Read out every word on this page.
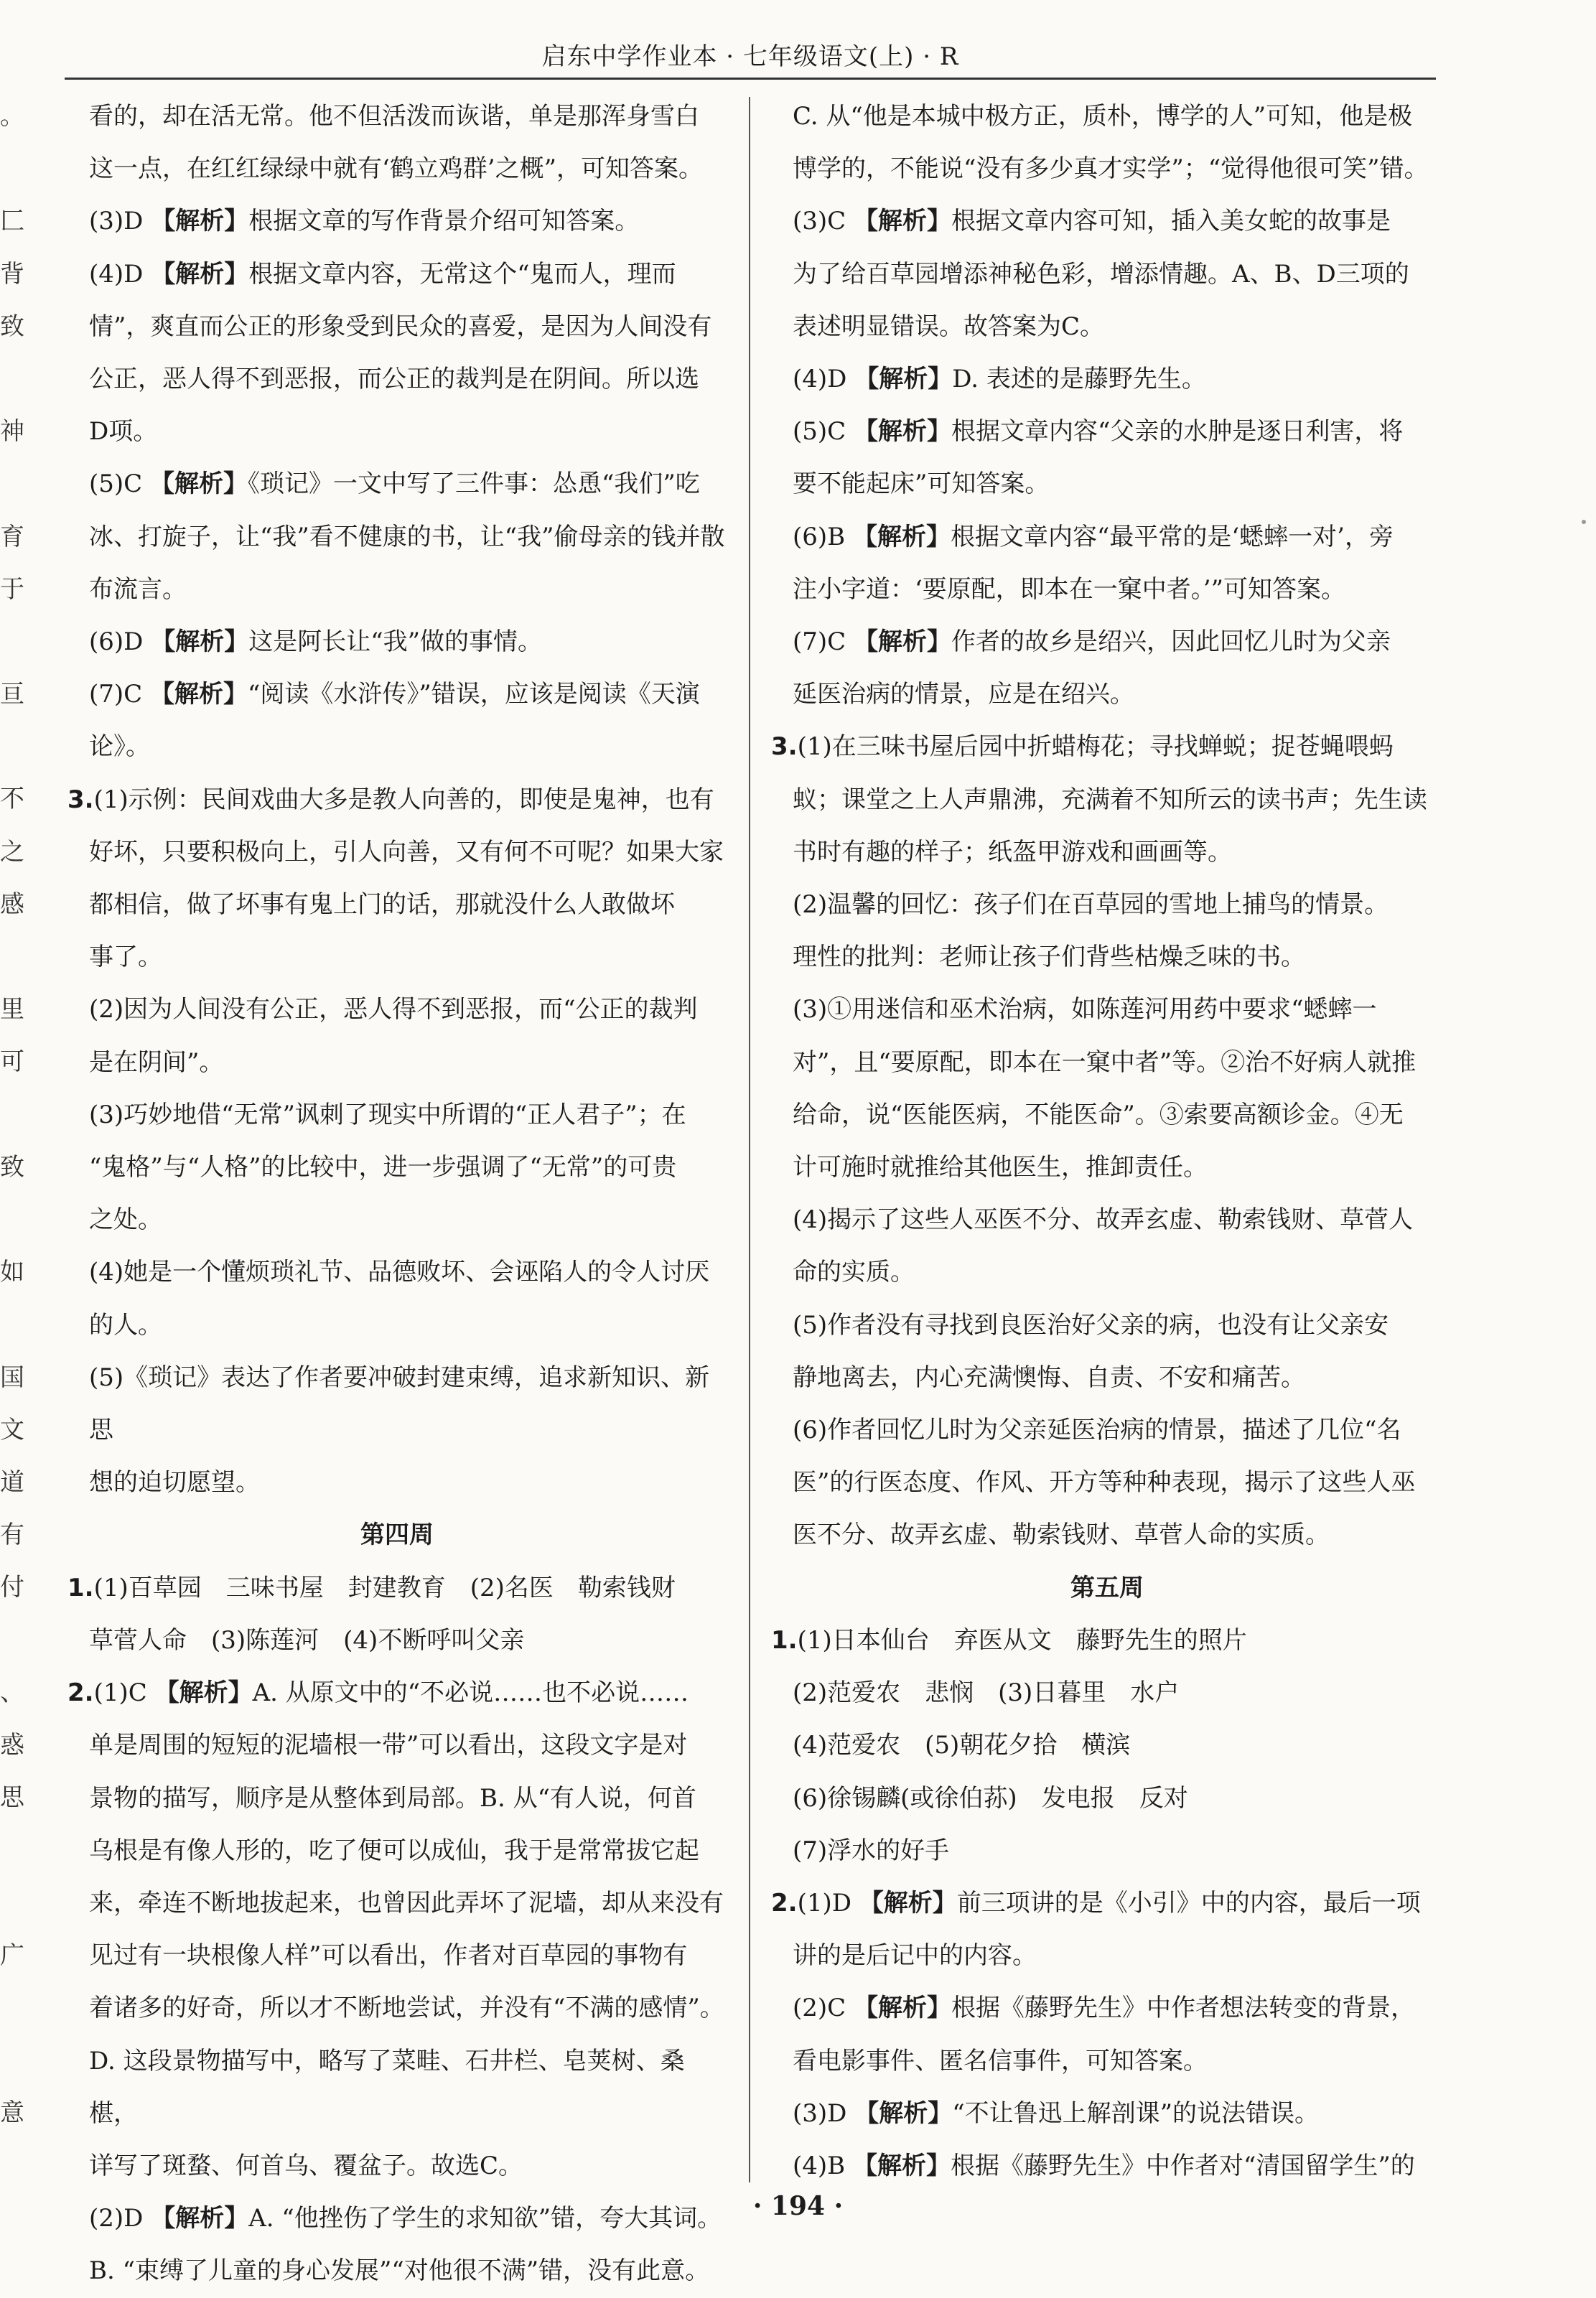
启东中学作业本 · 七年级语文(上) · R
。
匚
背
致
神
育
于
亘
不
之
感
里
可
致
如
国
文
道
有
付
、
惑
思
广
意
看的，却在活无常。他不但活泼而诙谐，单是那浑身雪白
这一点，在红红绿绿中就有‘鹤立鸡群’之概”，可知答案。
(3)D 【解析】根据文章的写作背景介绍可知答案。
(4)D 【解析】根据文章内容，无常这个“鬼而人，理而
情”，爽直而公正的形象受到民众的喜爱，是因为人间没有
公正，恶人得不到恶报，而公正的裁判是在阴间。所以选
D项。
(5)C 【解析】《琐记》一文中写了三件事：怂恿“我们”吃
冰、打旋子，让“我”看不健康的书，让“我”偷母亲的钱并散
布流言。
(6)D 【解析】这是阿长让“我”做的事情。
(7)C 【解析】“阅读《水浒传》”错误，应该是阅读《天演
论》。
3.(1)示例：民间戏曲大多是教人向善的，即使是鬼神，也有
好坏，只要积极向上，引人向善，又有何不可呢？如果大家
都相信，做了坏事有鬼上门的话，那就没什么人敢做坏
事了。
(2)因为人间没有公正，恶人得不到恶报，而“公正的裁判
是在阴间”。
(3)巧妙地借“无常”讽刺了现实中所谓的“正人君子”；在
“鬼格”与“人格”的比较中，进一步强调了“无常”的可贵
之处。
(4)她是一个懂烦琐礼节、品德败坏、会诬陷人的令人讨厌
的人。
(5)《琐记》表达了作者要冲破封建束缚，追求新知识、新思
想的迫切愿望。
第四周
1.(1)百草园　三味书屋　封建教育　(2)名医　勒索钱财
草菅人命　(3)陈莲河　(4)不断呼叫父亲
2.(1)C 【解析】A. 从原文中的“不必说……也不必说……
单是周围的短短的泥墙根一带”可以看出，这段文字是对
景物的描写，顺序是从整体到局部。B. 从“有人说，何首
乌根是有像人形的，吃了便可以成仙，我于是常常拔它起
来，牵连不断地拔起来，也曾因此弄坏了泥墙，却从来没有
见过有一块根像人样”可以看出，作者对百草园的事物有
着诸多的好奇，所以才不断地尝试，并没有“不满的感情”。
D. 这段景物描写中，略写了菜畦、石井栏、皂荚树、桑椹，
详写了斑蝥、何首乌、覆盆子。故选C。
(2)D 【解析】A. “他挫伤了学生的求知欲”错，夸大其词。
B. “束缚了儿童的身心发展”“对他很不满”错，没有此意。
C. 从“他是本城中极方正，质朴，博学的人”可知，他是极
博学的，不能说“没有多少真才实学”；“觉得他很可笑”错。
(3)C 【解析】根据文章内容可知，插入美女蛇的故事是
为了给百草园增添神秘色彩，增添情趣。A、B、D三项的
表述明显错误。故答案为C。
(4)D 【解析】D. 表述的是藤野先生。
(5)C 【解析】根据文章内容“父亲的水肿是逐日利害，将
要不能起床”可知答案。
(6)B 【解析】根据文章内容“最平常的是‘蟋蟀一对’，旁
注小字道：‘要原配，即本在一窠中者。’”可知答案。
(7)C 【解析】作者的故乡是绍兴，因此回忆儿时为父亲
延医治病的情景，应是在绍兴。
3.(1)在三味书屋后园中折蜡梅花；寻找蝉蜕；捉苍蝇喂蚂
蚁；课堂之上人声鼎沸，充满着不知所云的读书声；先生读
书时有趣的样子；纸盔甲游戏和画画等。
(2)温馨的回忆：孩子们在百草园的雪地上捕鸟的情景。
理性的批判：老师让孩子们背些枯燥乏味的书。
(3)①用迷信和巫术治病，如陈莲河用药中要求“蟋蟀一
对”，且“要原配，即本在一窠中者”等。②治不好病人就推
给命，说“医能医病，不能医命”。③索要高额诊金。④无
计可施时就推给其他医生，推卸责任。
(4)揭示了这些人巫医不分、故弄玄虚、勒索钱财、草菅人
命的实质。
(5)作者没有寻找到良医治好父亲的病，也没有让父亲安
静地离去，内心充满懊悔、自责、不安和痛苦。
(6)作者回忆儿时为父亲延医治病的情景，描述了几位“名
医”的行医态度、作风、开方等种种表现，揭示了这些人巫
医不分、故弄玄虚、勒索钱财、草菅人命的实质。
第五周
1.(1)日本仙台　弃医从文　藤野先生的照片
(2)范爱农　悲悯　(3)日暮里　水户
(4)范爱农　(5)朝花夕拾　横滨
(6)徐锡麟(或徐伯荪)　发电报　反对
(7)浮水的好手
2.(1)D 【解析】前三项讲的是《小引》中的内容，最后一项
讲的是后记中的内容。
(2)C 【解析】根据《藤野先生》中作者想法转变的背景，
看电影事件、匿名信事件，可知答案。
(3)D 【解析】“不让鲁迅上解剖课”的说法错误。
(4)B 【解析】根据《藤野先生》中作者对“清国留学生”的
· 194 ·
